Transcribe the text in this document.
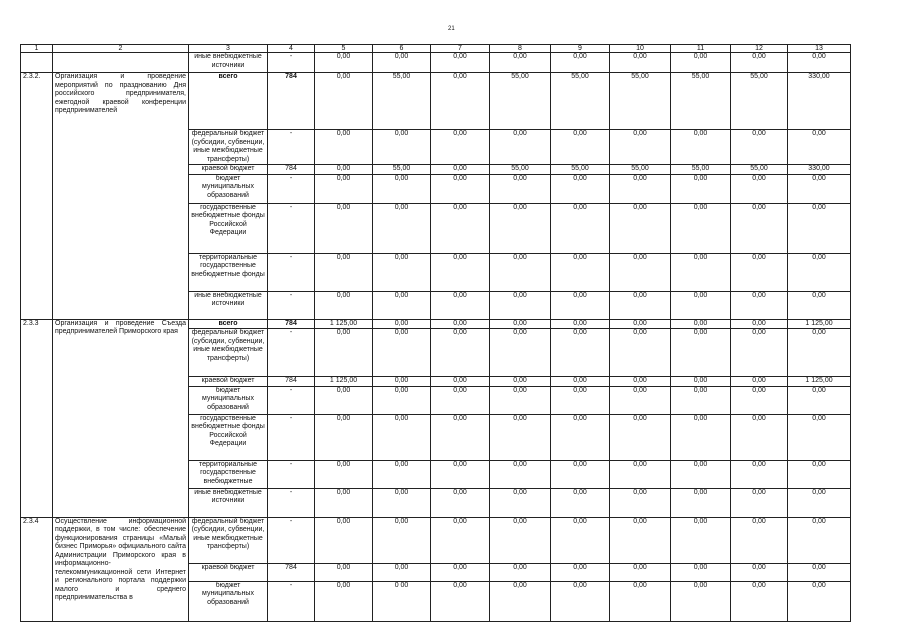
21
1	2	3	4	5	6	7	8	9	10	11	12	13
		иные внебюджетные источники	-	0,00	0,00	0,00	0,00	0,00	0,00	0,00	0,00	0,00
2.3.2.	Организация и проведение мероприятий по празднованию Дня российского предпринимателя, ежегодной краевой конференции предпринимателей	всего	784	0,00	55,00	0,00	55,00	55,00	55,00	55,00	55,00	330,00
		федеральный бюджет (субсидии, субвенции, иные межбюджетные трансферты)	-	0,00	0,00	0,00	0,00	0,00	0,00	0,00	0,00	0,00
		краевой бюджет	784	0,00	55,00	0,00	55,00	55,00	55,00	55,00	55,00	330,00
		бюджет муниципальных образований	-	0,00	0,00	0,00	0,00	0,00	0,00	0,00	0,00	0,00
		государственные внебюджетные фонды Российской Федерации	-	0,00	0,00	0,00	0,00	0,00	0,00	0,00	0,00	0,00
		территориальные государственные внебюджетные фонды	-	0,00	0,00	0,00	0,00	0,00	0,00	0,00	0,00	0,00
		иные внебюджетные источники	-	0,00	0,00	0,00	0,00	0,00	0,00	0,00	0,00	0,00
2.3.3	Организация и проведение Съезда предпринимателей Приморского края	всего	784	1 125,00	0,00	0,00	0,00	0,00	0,00	0,00	0,00	1 125,00
		федеральный бюджет (субсидии, субвенции, иные межбюджетные трансферты)	-	0,00	0,00	0,00	0,00	0,00	0,00	0,00	0,00	0,00
		краевой бюджет	784	1 125,00	0,00	0,00	0,00	0,00	0,00	0,00	0,00	1 125,00
		бюджет муниципальных образований	-	0,00	0,00	0,00	0,00	0,00	0,00	0,00	0,00	0,00
		государственные внебюджетные фонды Российской Федерации	-	0,00	0,00	0,00	0,00	0,00	0,00	0,00	0,00	0,00
		территориальные государственные внебюджетные	-	0,00	0,00	0,00	0,00	0,00	0,00	0,00	0,00	0,00
		иные внебюджетные источники	-	0,00	0,00	0,00	0,00	0,00	0,00	0,00	0,00	0,00
2.3.4	Осуществление информационной поддержки, в том числе: обеспечение функционирования страницы «Малый бизнес Приморья» официального сайта Администрации Приморского края в информационно-телекоммуникационной сети Интернет и регионального портала поддержки малого и среднего предпринимательства в	федеральный бюджет (субсидии, субвенции, иные межбюджетные трансферты)	-	0,00	0,00	0,00	0,00	0,00	0,00	0,00	0,00	0,00
		краевой бюджет	784	0,00	0,00	0,00	0,00	0,00	0,00	0,00	0,00	0,00
		бюджет муниципальных образований	-	0,00	0 00	0,00	0,00	0,00	0,00	0,00	0,00	0,00
